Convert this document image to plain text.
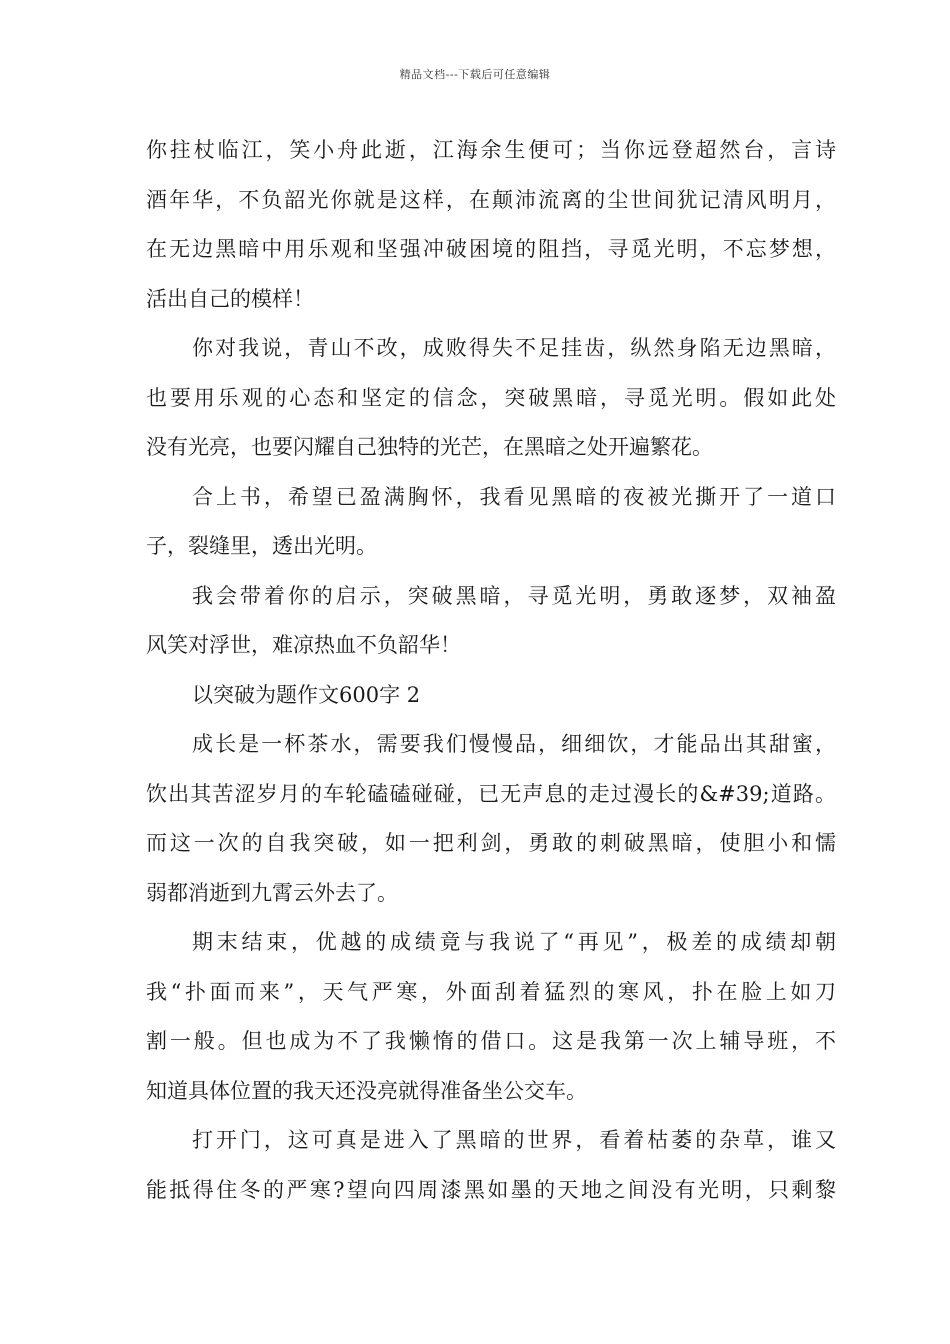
精品文档---下载后可任意编辑
你拄杖临江，笑小舟此逝，江海余生便可；当你远登超然台，言诗
酒年华，不负韶光你就是这样，在颠沛流离的尘世间犹记清风明月，
在无边黑暗中用乐观和坚强冲破困境的阻挡，寻觅光明，不忘梦想，
活出自己的模样！
你对我说，青山不改，成败得失不足挂齿，纵然身陷无边黑暗，
也要用乐观的心态和坚定的信念，突破黑暗，寻觅光明。假如此处
没有光亮，也要闪耀自己独特的光芒，在黑暗之处开遍繁花。
合上书，希望已盈满胸怀，我看见黑暗的夜被光撕开了一道口
子，裂缝里，透出光明。
我会带着你的启示，突破黑暗，寻觅光明，勇敢逐梦，双袖盈
风笑对浮世，难凉热血不负韶华！
以突破为题作文600字 2
成长是一杯茶水，需要我们慢慢品，细细饮，才能品出其甜蜜，
饮出其苦涩岁月的车轮磕磕碰碰，已无声息的走过漫长的&#39;道路。
而这一次的自我突破，如一把利剑，勇敢的刺破黑暗，使胆小和懦
弱都消逝到九霄云外去了。
期末结束，优越的成绩竟与我说了“再见”，极差的成绩却朝
我“扑面而来”，天气严寒，外面刮着猛烈的寒风，扑在脸上如刀
割一般。但也成为不了我懒惰的借口。这是我第一次上辅导班，不
知道具体位置的我天还没亮就得准备坐公交车。
打开门，这可真是进入了黑暗的世界，看着枯萎的杂草，谁又
能抵得住冬的严寒?望向四周漆黑如墨的天地之间没有光明，只剩黎
